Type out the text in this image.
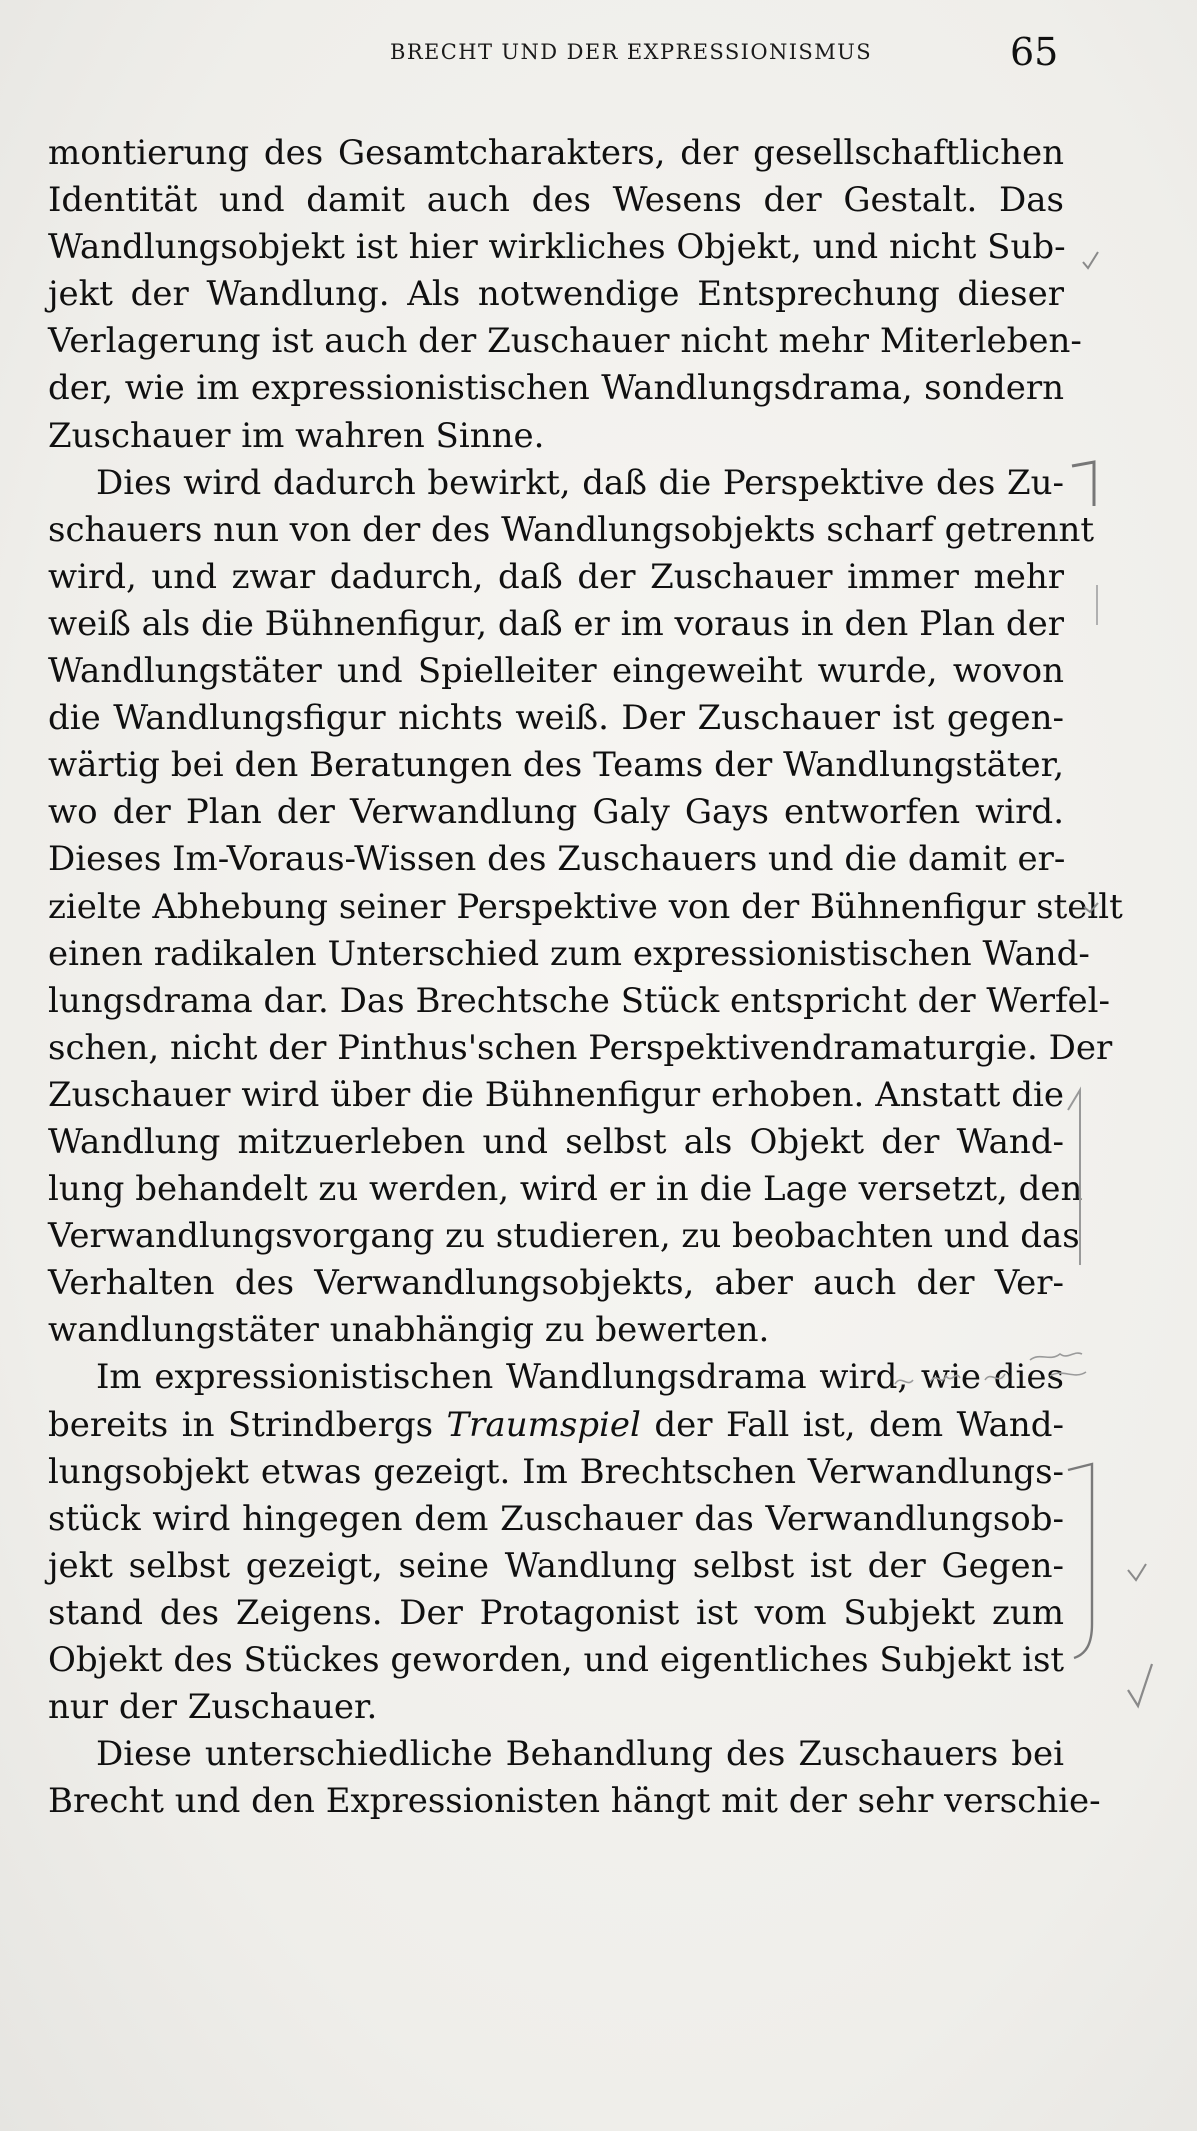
BRECHT UND DER EXPRESSIONISMUS	65
montierung des Gesamtcharakters, der gesellschaftlichen
Identität und damit auch des Wesens der Gestalt. Das
Wandlungsobjekt ist hier wirkliches Objekt, und nicht Sub-
jekt der Wandlung. Als notwendige Entsprechung dieser
Verlagerung ist auch der Zuschauer nicht mehr Miterleben-
der, wie im expressionistischen Wandlungsdrama, sondern
Zuschauer im wahren Sinne.
Dies wird dadurch bewirkt, daß die Perspektive des Zu-
schauers nun von der des Wandlungsobjekts scharf getrennt
wird, und zwar dadurch, daß der Zuschauer immer mehr
weiß als die Bühnenfigur, daß er im voraus in den Plan der
Wandlungstäter und Spielleiter eingeweiht wurde, wovon
die Wandlungsfigur nichts weiß. Der Zuschauer ist gegen-
wärtig bei den Beratungen des Teams der Wandlungstäter,
wo der Plan der Verwandlung Galy Gays entworfen wird.
Dieses Im-Voraus-Wissen des Zuschauers und die damit er-
zielte Abhebung seiner Perspektive von der Bühnenfigur stellt
einen radikalen Unterschied zum expressionistischen Wand-
lungsdrama dar. Das Brechtsche Stück entspricht der Werfel-
schen, nicht der Pinthus'schen Perspektivendramaturgie. Der
Zuschauer wird über die Bühnenfigur erhoben. Anstatt die
Wandlung mitzuerleben und selbst als Objekt der Wand-
lung behandelt zu werden, wird er in die Lage versetzt, den
Verwandlungsvorgang zu studieren, zu beobachten und das
Verhalten des Verwandlungsobjekts, aber auch der Ver-
wandlungstäter unabhängig zu bewerten.
Im expressionistischen Wandlungsdrama wird, wie dies
bereits in Strindbergs Traumspiel der Fall ist, dem Wand-
lungsobjekt etwas gezeigt. Im Brechtschen Verwandlungs-
stück wird hingegen dem Zuschauer das Verwandlungsob-
jekt selbst gezeigt, seine Wandlung selbst ist der Gegen-
stand des Zeigens. Der Protagonist ist vom Subjekt zum
Objekt des Stückes geworden, und eigentliches Subjekt ist
nur der Zuschauer.
Diese unterschiedliche Behandlung des Zuschauers bei
Brecht und den Expressionisten hängt mit der sehr verschie-
